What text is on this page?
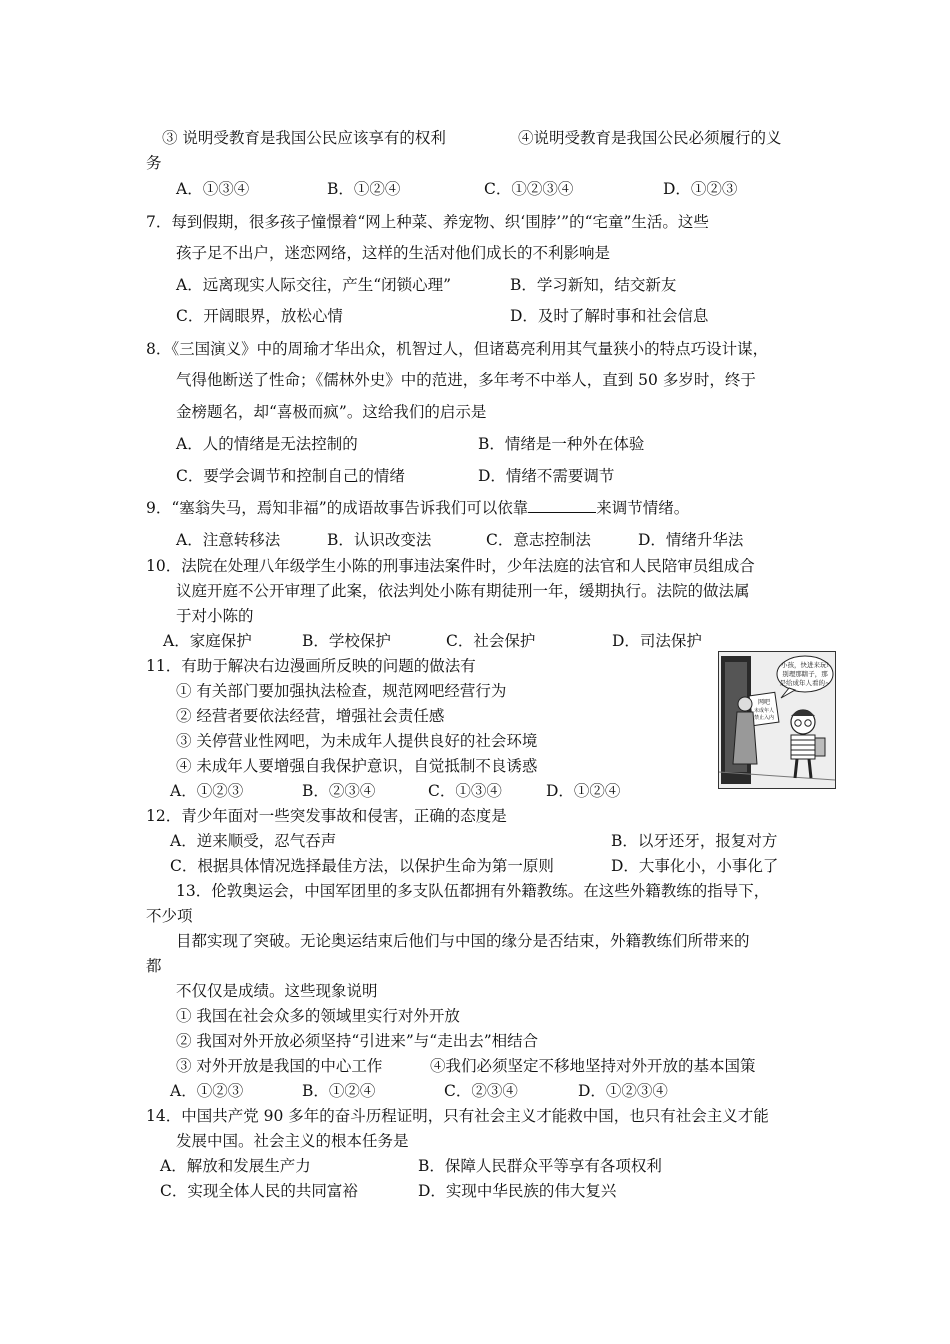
③ 说明受教育是我国公民应该享有的权利	④说明受教育是我国公民必须履行的义
务
A．①③④	B．①②④	C．①②③④	D．①②③
7．每到假期，很多孩子憧憬着“网上种菜、养宠物、织‘围脖’”的“宅童”生活。这些
孩子足不出户，迷恋网络，这样的生活对他们成长的不利影响是
A．远离现实人际交往，产生“闭锁心理”	B．学习新知，结交新友
C．开阔眼界，放松心情	D．及时了解时事和社会信息
8．《三国演义》中的周瑜才华出众，机智过人，但诸葛亮利用其气量狭小的特点巧设计谋，
气得他断送了性命；《儒林外史》中的范进，多年考不中举人，直到 50 多岁时，终于
金榜题名，却“喜极而疯”。这给我们的启示是
A．人的情绪是无法控制的	B．情绪是一种外在体验
C．要学会调节和控制自己的情绪	D．情绪不需要调节
9．“塞翁失马，焉知非福”的成语故事告诉我们可以依靠	来调节情绪。
A．注意转移法	B．认识改变法	C．意志控制法	D．情绪升华法
10．法院在处理八年级学生小陈的刑事违法案件时，少年法庭的法官和人民陪审员组成合
议庭开庭不公开审理了此案，依法判处小陈有期徒刑一年，缓期执行。法院的做法属
于对小陈的
A．家庭保护	B．学校保护	C．社会保护	D．司法保护
11．有助于解决右边漫画所反映的问题的做法有
① 有关部门要加强执法检查，规范网吧经营行为
② 经营者要依法经营，增强社会责任感
③ 关停营业性网吧，为未成年人提供良好的社会环境
④ 未成年人要增强自我保护意识，自觉抵制不良诱惑
A．①②③	B．②③④	C．①③④	D．①②④
小孩，快进来玩!
别理那瞎子，那
是给成年人看的~
网吧
未成年人
禁止入内
12．青少年面对一些突发事故和侵害，正确的态度是
A．逆来顺受，忍气吞声	B．以牙还牙，报复对方
C．根据具体情况选择最佳方法，以保护生命为第一原则	D．大事化小，小事化了
13．伦敦奥运会，中国军团里的多支队伍都拥有外籍教练。在这些外籍教练的指导下，
不少项
目都实现了突破。无论奥运结束后他们与中国的缘分是否结束，外籍教练们所带来的
都
不仅仅是成绩。这些现象说明
① 我国在社会众多的领域里实行对外开放
② 我国对外开放必须坚持“引进来”与“走出去”相结合
③ 对外开放是我国的中心工作	④我们必须坚定不移地坚持对外开放的基本国策
A．①②③	B．①②④	C．②③④	D．①②③④
14．中国共产党 90 多年的奋斗历程证明，只有社会主义才能救中国，也只有社会主义才能
发展中国。社会主义的根本任务是
A．解放和发展生产力	B．保障人民群众平等享有各项权利
C．实现全体人民的共同富裕	D．实现中华民族的伟大复兴
